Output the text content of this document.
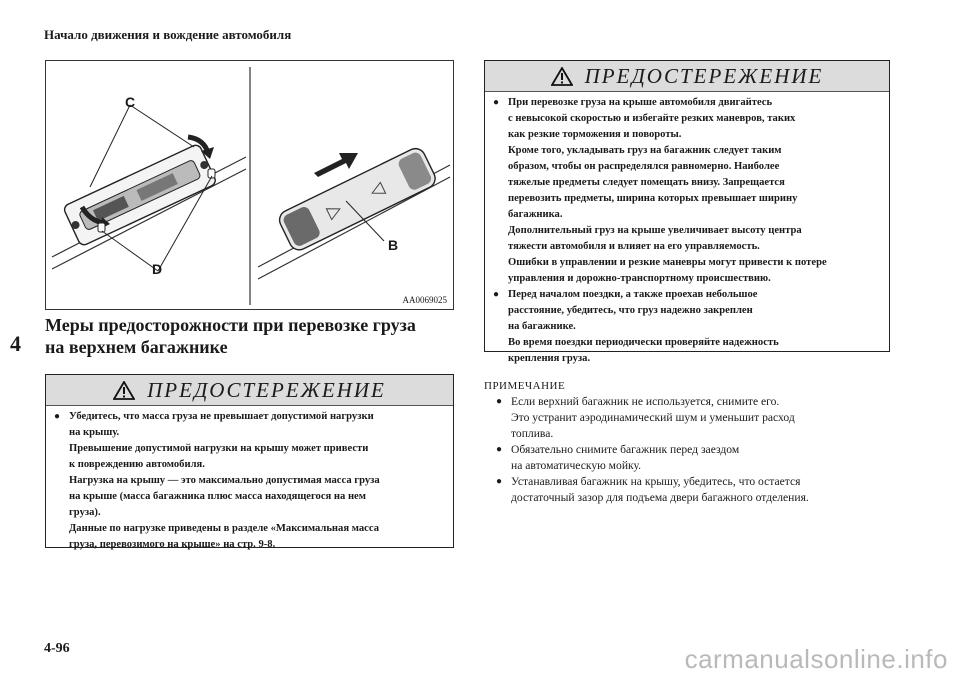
Начало движения и вождение автомобиля
4
C
D
B
AA0069025
Меры предосторожности при перевозке груза
на верхнем багажнике
ПРЕДОСТЕРЕЖЕНИЕ
● При перевозке груза на крыше автомобиля двигайтесь
с невысокой скоростью и избегайте резких маневров, таких
как резкие торможения и повороты.
Кроме того, укладывать груз на багажник следует таким
образом, чтобы он распределялся равномерно. Наиболее
тяжелые предметы следует помещать внизу. Запрещается
перевозить предметы, ширина которых превышает ширину
багажника.
Дополнительный груз на крыше увеличивает высоту центра
тяжести автомобиля и влияет на его управляемость.
Ошибки в управлении и резкие маневры могут привести к потере
управления и дорожно-транспортному происшествию.
● Перед началом поездки, а также проехав небольшое
расстояние, убедитесь, что груз надежно закреплен
на багажнике.
Во время поездки периодически проверяйте надежность
крепления груза.
ПРЕДОСТЕРЕЖЕНИЕ
● Убедитесь, что масса груза не превышает допустимой нагрузки
на крышу.
Превышение допустимой нагрузки на крышу может привести
к повреждению автомобиля.
Нагрузка на крышу — это максимально допустимая масса груза
на крыше (масса багажника плюс масса находящегося на нем
груза).
Данные по нагрузке приведены в разделе «Максимальная масса
груза, перевозимого на крыше» на стр. 9-8.
ПРИМЕЧАНИЕ
● Если верхний багажник не используется, снимите его.
Это устранит аэродинамический шум и уменьшит расход
топлива.
● Обязательно снимите багажник перед заездом
на автоматическую мойку.
● Устанавливая багажник на крышу, убедитесь, что остается
достаточный зазор для подъема двери багажного отделения.
4-96	carmanualsonline.info
